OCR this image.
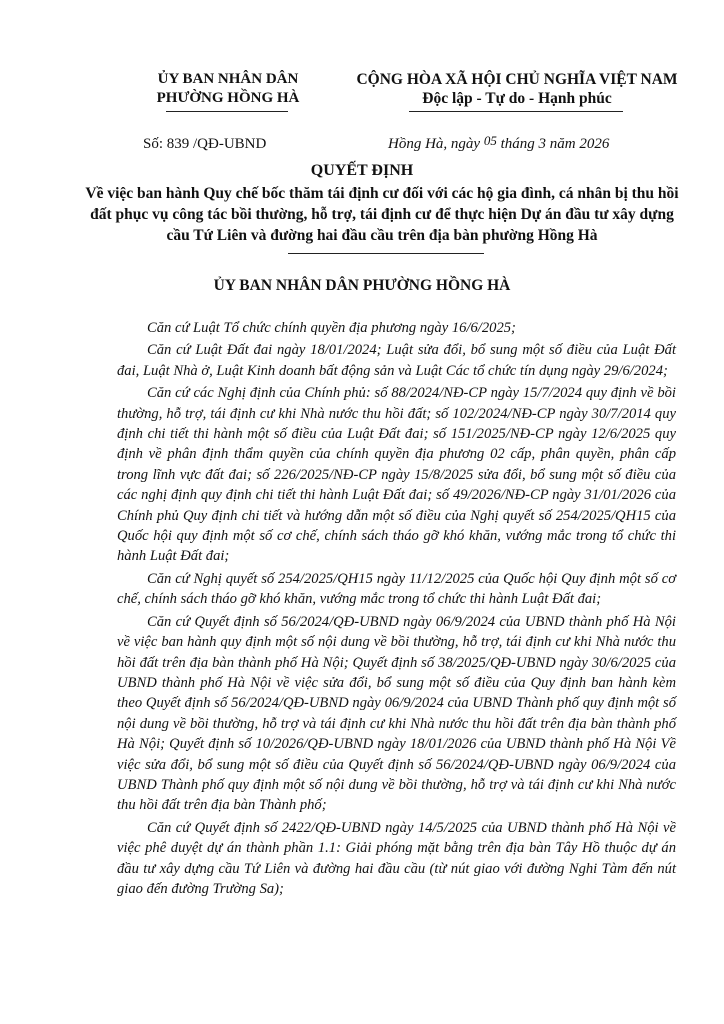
ỦY BAN NHÂN DÂN
PHƯỜNG HỒNG HÀ
CỘNG HÒA XÃ HỘI CHỦ NGHĨA VIỆT NAM
Độc lập - Tự do - Hạnh phúc
Số: 839 /QĐ-UBND	Hồng Hà, ngày 05 tháng 3 năm 2026
QUYẾT ĐỊNH
Về việc ban hành Quy chế bốc thăm tái định cư đối với các hộ gia đình, cá nhân bị thu hồi đất phục vụ công tác bồi thường, hỗ trợ, tái định cư để thực hiện Dự án đầu tư xây dựng cầu Tứ Liên và đường hai đầu cầu trên địa bàn phường Hồng Hà
ỦY BAN NHÂN DÂN PHƯỜNG HỒNG HÀ

Căn cứ Luật Tổ chức chính quyền địa phương ngày 16/6/2025;

Căn cứ Luật Đất đai ngày 18/01/2024; Luật sửa đổi, bổ sung một số điều của Luật Đất đai, Luật Nhà ở, Luật Kinh doanh bất động sản và Luật Các tổ chức tín dụng ngày 29/6/2024;

Căn cứ các Nghị định của Chính phủ: số 88/2024/NĐ-CP ngày 15/7/2024 quy định về bồi thường, hỗ trợ, tái định cư khi Nhà nước thu hồi đất; số 102/2024/NĐ-CP ngày 30/7/2014 quy định chi tiết thi hành một số điều của Luật Đất đai; số 151/2025/NĐ-CP ngày 12/6/2025 quy định về phân định thẩm quyền của chính quyền địa phương 02 cấp, phân quyền, phân cấp trong lĩnh vực đất đai; số 226/2025/NĐ-CP ngày 15/8/2025 sửa đổi, bổ sung một số điều của các nghị định quy định chi tiết thi hành Luật Đất đai; số 49/2026/NĐ-CP ngày 31/01/2026 của Chính phủ Quy định chi tiết và hướng dẫn một số điều của Nghị quyết số 254/2025/QH15 của Quốc hội quy định một số cơ chế, chính sách tháo gỡ khó khăn, vướng mắc trong tổ chức thi hành Luật Đất đai;

Căn cứ Nghị quyết số 254/2025/QH15 ngày 11/12/2025 của Quốc hội Quy định một số cơ chế, chính sách tháo gỡ khó khăn, vướng mắc trong tổ chức thi hành Luật Đất đai;

Căn cứ Quyết định số 56/2024/QĐ-UBND ngày 06/9/2024 của UBND thành phố Hà Nội về việc ban hành quy định một số nội dung về bồi thường, hỗ trợ, tái định cư khi Nhà nước thu hồi đất trên địa bàn thành phố Hà Nội; Quyết định số 38/2025/QĐ-UBND ngày 30/6/2025 của UBND thành phố Hà Nội về việc sửa đổi, bổ sung một số điều của Quy định ban hành kèm theo Quyết định số 56/2024/QĐ-UBND ngày 06/9/2024 của UBND Thành phố quy định một số nội dung về bồi thường, hỗ trợ và tái định cư khi Nhà nước thu hồi đất trên địa bàn thành phố Hà Nội; Quyết định số 10/2026/QĐ-UBND ngày 18/01/2026 của UBND thành phố Hà Nội Về việc sửa đổi, bổ sung một số điều của Quyết định số 56/2024/QĐ-UBND ngày 06/9/2024 của UBND Thành phố quy định một số nội dung về bồi thường, hỗ trợ và tái định cư khi Nhà nước thu hồi đất trên địa bàn Thành phố;

Căn cứ Quyết định số 2422/QĐ-UBND ngày 14/5/2025 của UBND thành phố Hà Nội về việc phê duyệt dự án thành phần 1.1: Giải phóng mặt bằng trên địa bàn Tây Hồ thuộc dự án đầu tư xây dựng cầu Tứ Liên và đường hai đầu cầu (từ nút giao với đường Nghi Tàm đến nút giao đến đường Trường Sa);
